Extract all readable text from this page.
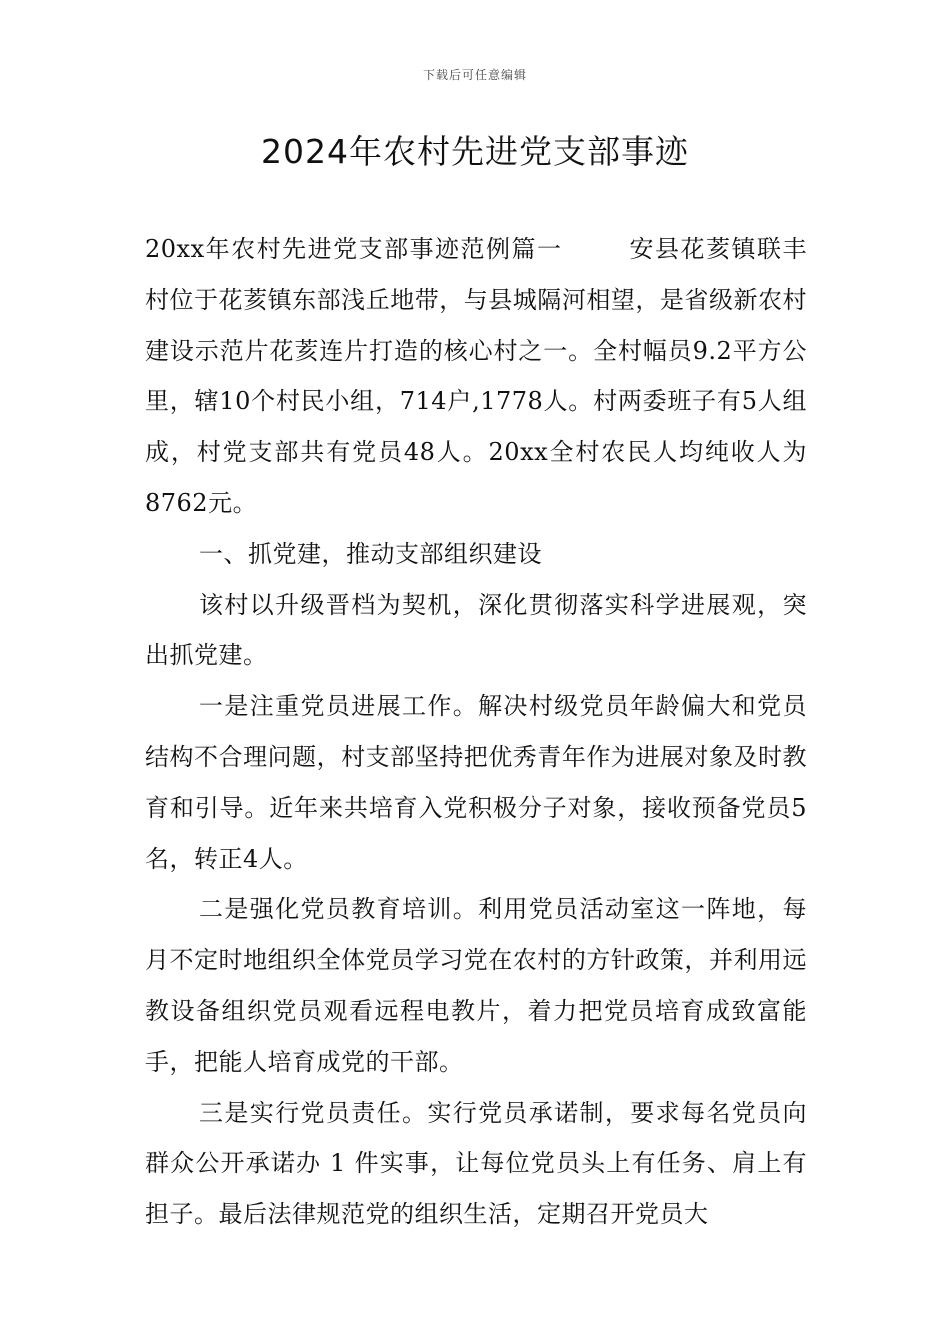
下载后可任意编辑
2024年农村先进党支部事迹

20xx年农村先进党支部事迹范例篇一	安县花荄镇联丰村位于花荄镇东部浅丘地带，与县城隔河相望，是省级新农村建设示范片花荄连片打造的核心村之一。全村幅员9.2平方公里，辖10个村民小组，714户,1778人。村两委班子有5人组成，村党支部共有党员48人。20xx全村农民人均纯收人为8762元。

一、抓党建，推动支部组织建设

该村以升级晋档为契机，深化贯彻落实科学进展观，突出抓党建。

一是注重党员进展工作。解决村级党员年龄偏大和党员结构不合理问题，村支部坚持把优秀青年作为进展对象及时教育和引导。近年来共培育入党积极分子对象，接收预备党员5名，转正4人。

二是强化党员教育培训。利用党员活动室这一阵地，每月不定时地组织全体党员学习党在农村的方针政策，并利用远教设备组织党员观看远程电教片，着力把党员培育成致富能手，把能人培育成党的干部。

三是实行党员责任。实行党员承诺制，要求每名党员向群众公开承诺办 1 件实事，让每位党员头上有任务、肩上有担子。最后法律规范党的组织生活，定期召开党员大
